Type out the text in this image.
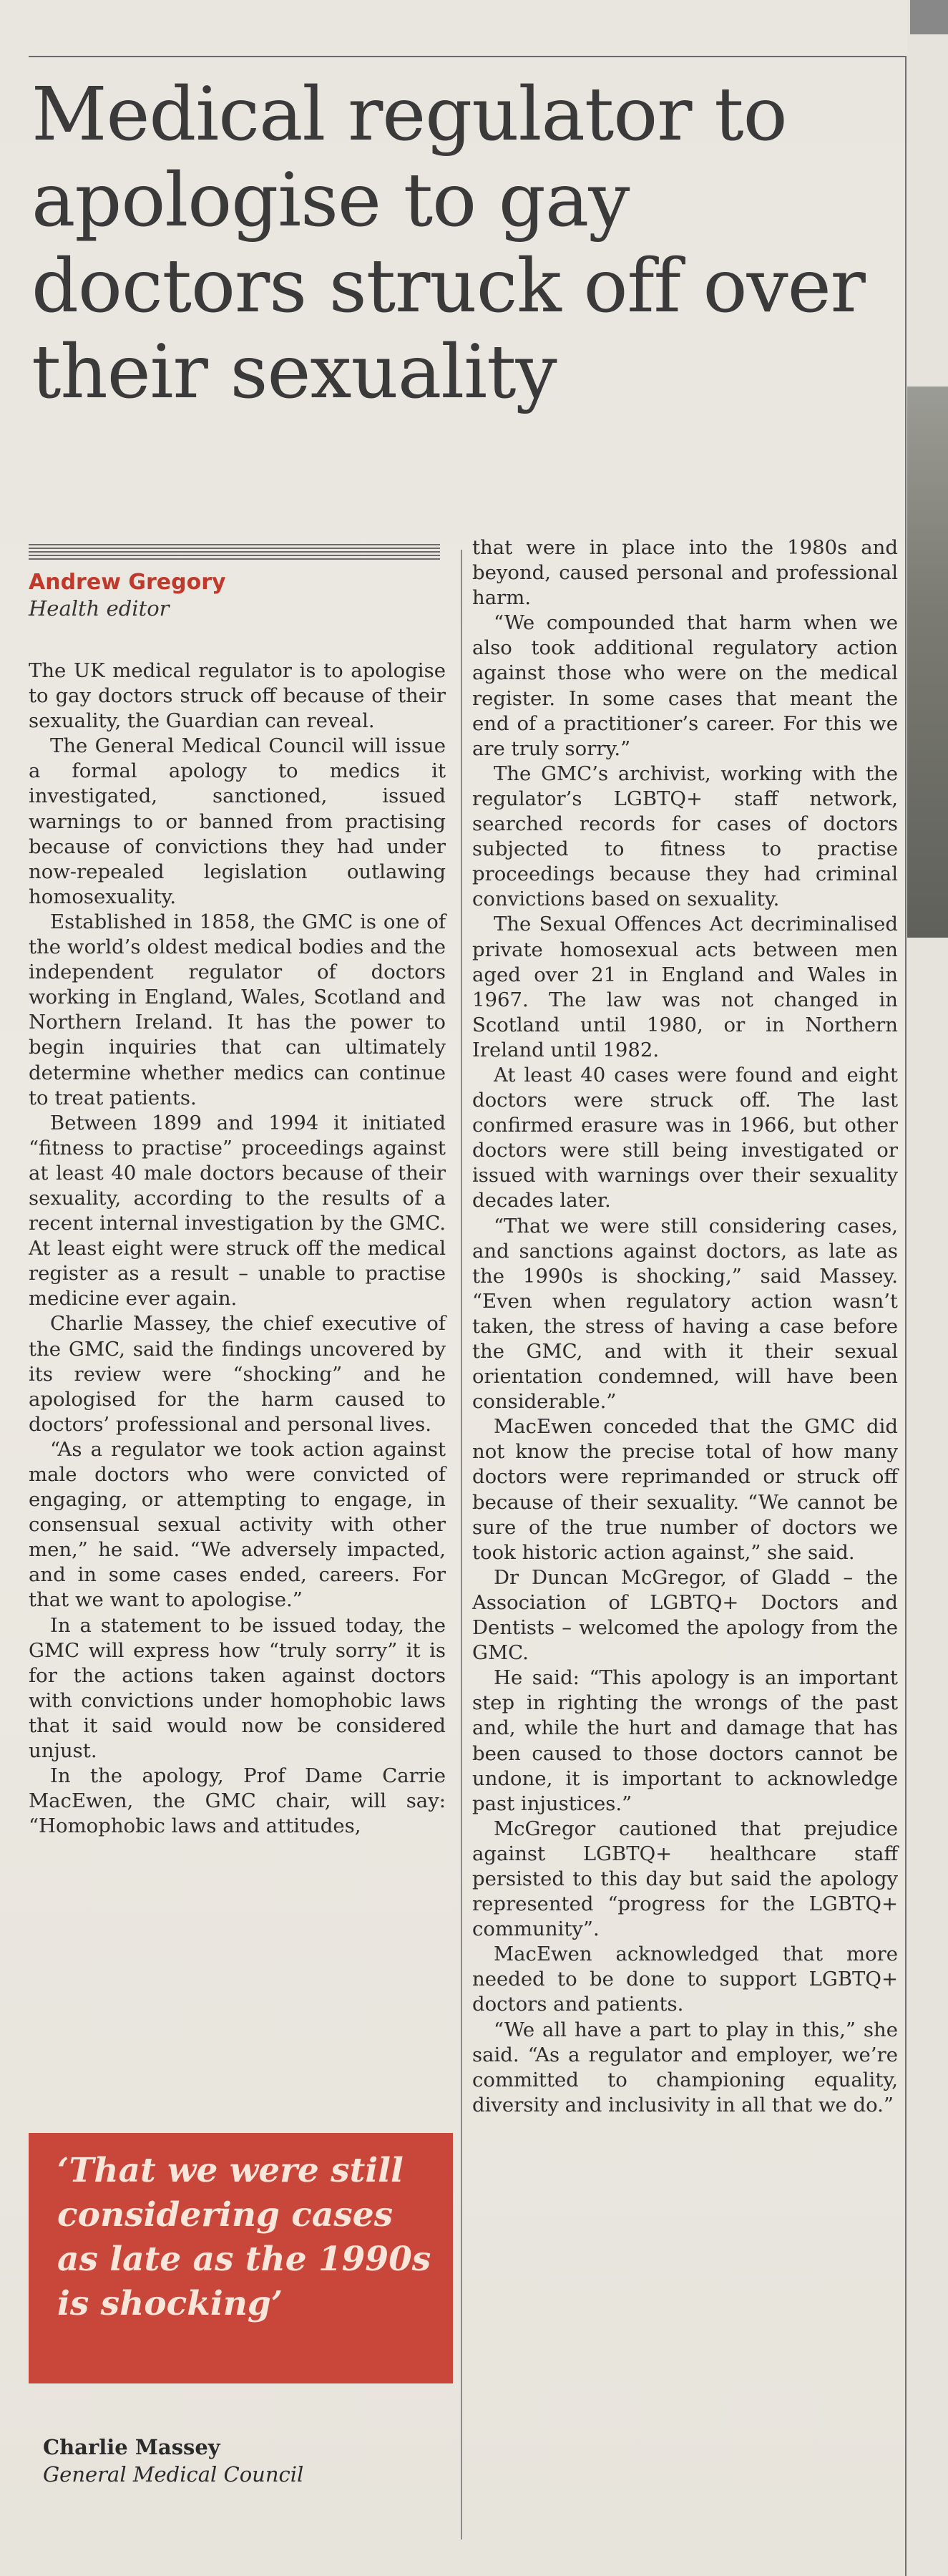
Medical regulator to apologise to gay doctors struck off over their sexuality
Andrew Gregory
Health editor

The UK medical regulator is to apologise to gay doctors struck off because of their sexuality, the Guardian can reveal.

The General Medical Council will issue a formal apology to medics it investigated, sanctioned, issued warnings to or banned from practising because of convictions they had under now-repealed legislation outlawing homosexuality.

Established in 1858, the GMC is one of the world’s oldest medical bodies and the independent regulator of doctors working in England, Wales, Scotland and Northern Ireland. It has the power to begin inquiries that can ultimately determine whether medics can continue to treat patients.

Between 1899 and 1994 it initiated “fitness to practise” proceedings against at least 40 male doctors because of their sexuality, according to the results of a recent internal investigation by the GMC. At least eight were struck off the medical register as a result – unable to practise medicine ever again.

Charlie Massey, the chief executive of the GMC, said the findings uncovered by its review were “shocking” and he apologised for the harm caused to doctors’ professional and personal lives.

“As a regulator we took action against male doctors who were convicted of engaging, or attempting to engage, in consensual sexual activity with other men,” he said. “We adversely impacted, and in some cases ended, careers. For that we want to apologise.”

In a statement to be issued today, the GMC will express how “truly sorry” it is for the actions taken against doctors with convictions under homophobic laws that it said would now be considered unjust.

In the apology, Prof Dame Carrie MacEwen, the GMC chair, will say: “Homophobic laws and attitudes,

that were in place into the 1980s and beyond, caused personal and professional harm.

“We compounded that harm when we also took additional regulatory action against those who were on the medical register. In some cases that meant the end of a practitioner’s career. For this we are truly sorry.”

The GMC’s archivist, working with the regulator’s LGBTQ+ staff network, searched records for cases of doctors subjected to fitness to practise proceedings because they had criminal convictions based on sexuality.

The Sexual Offences Act decriminalised private homosexual acts between men aged over 21 in England and Wales in 1967. The law was not changed in Scotland until 1980, or in Northern Ireland until 1982.

At least 40 cases were found and eight doctors were struck off. The last confirmed erasure was in 1966, but other doctors were still being investigated or issued with warnings over their sexuality decades later.

“That we were still considering cases, and sanctions against doctors, as late as the 1990s is shocking,” said Massey. “Even when regulatory action wasn’t taken, the stress of having a case before the GMC, and with it their sexual orientation condemned, will have been considerable.”

MacEwen conceded that the GMC did not know the precise total of how many doctors were reprimanded or struck off because of their sexuality. “We cannot be sure of the true number of doctors we took historic action against,” she said.

Dr Duncan McGregor, of Gladd – the Association of LGBTQ+ Doctors and Dentists – welcomed the apology from the GMC.

He said: “This apology is an important step in righting the wrongs of the past and, while the hurt and damage that has been caused to those doctors cannot be undone, it is important to acknowledge past injustices.”

McGregor cautioned that prejudice against LGBTQ+ healthcare staff persisted to this day but said the apology represented “progress for the LGBTQ+ community”.

MacEwen acknowledged that more needed to be done to support LGBTQ+ doctors and patients.

“We all have a part to play in this,” she said. “As a regulator and employer, we’re committed to championing equality, diversity and inclusivity in all that we do.”

‘That we were still considering cases as late as the 1990s is shocking’
Charlie Massey
General Medical Council
